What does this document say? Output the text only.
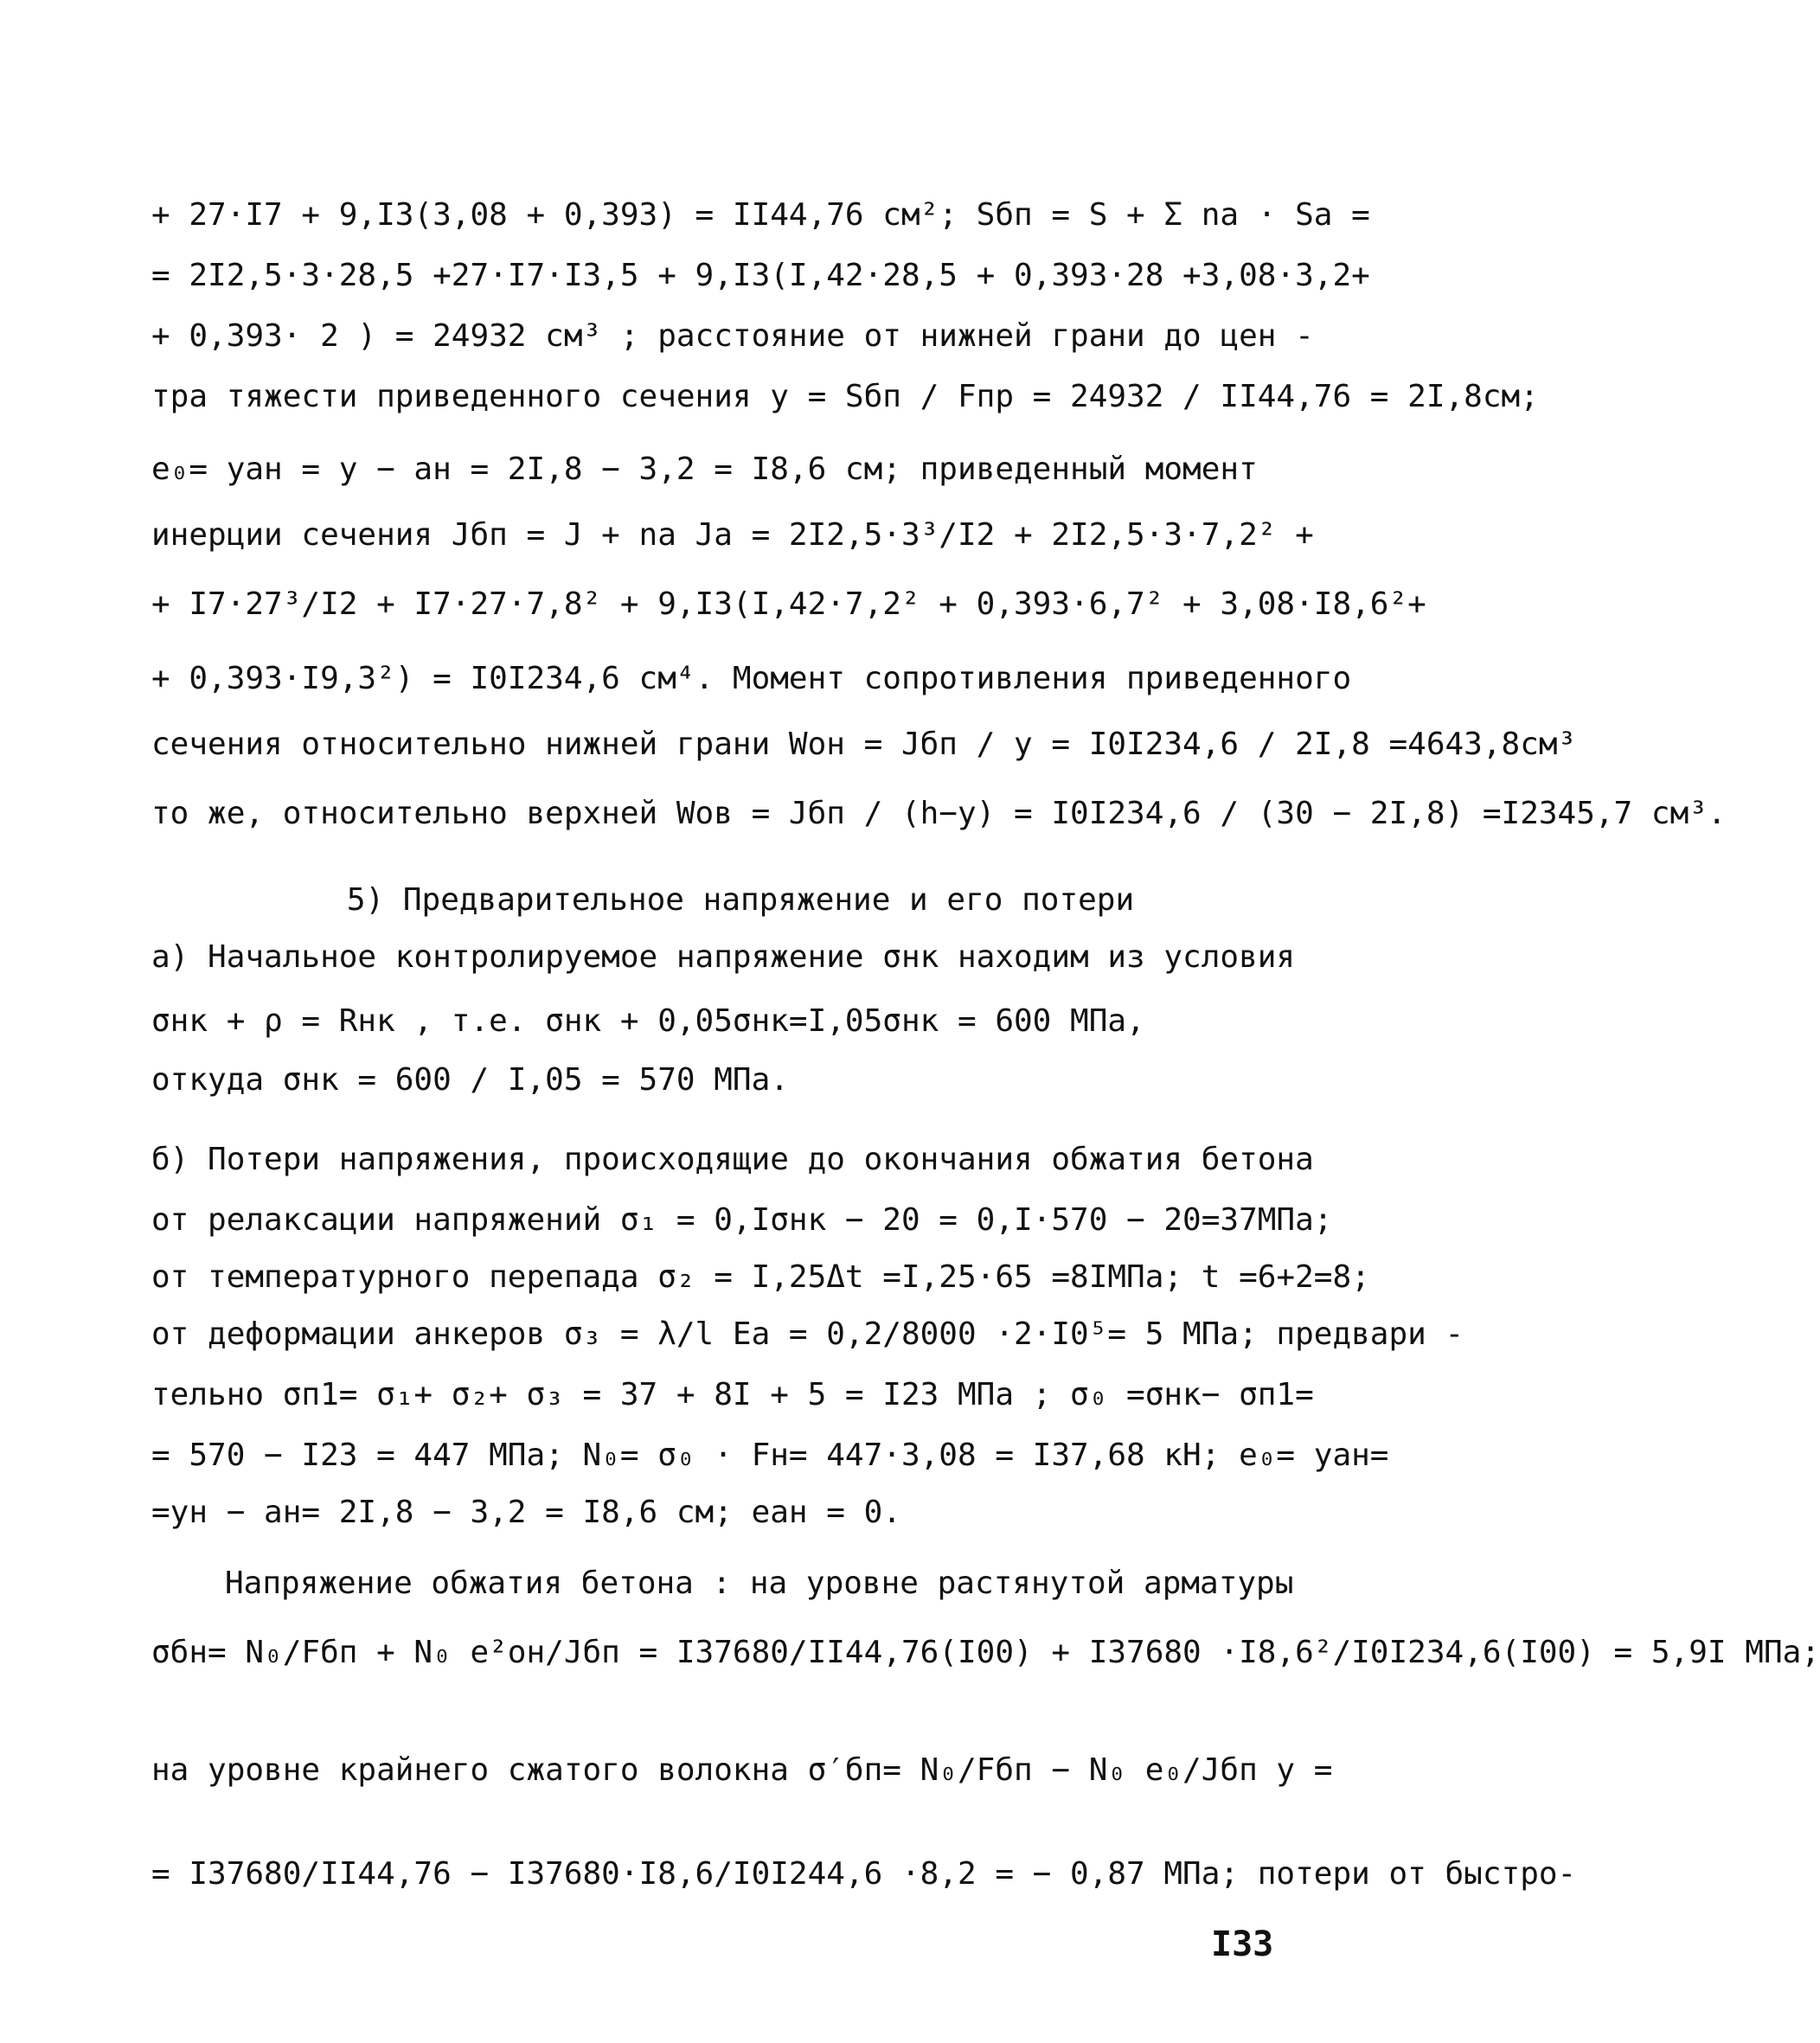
+ 27·I7 + 9,I3(3,08 + 0,393) = II44,76 см²; Sбп = S + Σ nа · Sа =
= 2I2,5·3·28,5 +27·I7·I3,5 + 9,I3(I,42·28,5 + 0,393·28 +3,08·3,2+
+ 0,393· 2 ) = 24932 см³ ; расстояние от нижней грани до цен -
тра тяжести приведенного сечения y = Sбп / Fпр = 24932 / II44,76 = 2I,8см;
e₀= yан = y − aн = 2I,8 − 3,2 = I8,6 см; приведенный момент
инерции сечения Jбп = J + nа Jа = 2I2,5·3³/I2 + 2I2,5·3·7,2² +
+ I7·27³/I2 + I7·27·7,8² + 9,I3(I,42·7,2² + 0,393·6,7² + 3,08·I8,6²+
+ 0,393·I9,3²) = I0I234,6 см⁴. Момент сопротивления приведенного
сечения относительно нижней грани Wон = Jбп / y = I0I234,6 / 2I,8 =4643,8см³
то же, относительно верхней Wов = Jбп / (h−y) = I0I234,6 / (30 − 2I,8) =I2345,7 см³.
5) Предварительное напряжение и его потери
а) Начальное контролируемое напряжение σнк находим из условия
σнк + ρ = Rнк , т.е. σнк + 0,05σнк=I,05σнк = 600 МПа,
откуда σнк = 600 / I,05 = 570 МПа.
б) Потери напряжения, происходящие до окончания обжатия бетона
от релаксации напряжений σ₁ = 0,Iσнк − 20 = 0,I·570 − 20=37МПа;
от температурного перепада σ₂ = I,25Δt =I,25·65 =8IМПа; t =6+2=8;
от деформации анкеров σ₃ = λ/l Eа = 0,2/8000 ·2·I0⁵= 5 МПа; предвари -
тельно σп1= σ₁+ σ₂+ σ₃ = 37 + 8I + 5 = I23 МПа ; σ₀ =σнк− σп1=
= 570 − I23 = 447 МПа; N₀= σ₀ · Fн= 447·3,08 = I37,68 кН; e₀= yан=
=yн − aн= 2I,8 − 3,2 = I8,6 см; eан = 0.
Напряжение обжатия бетона : на уровне растянутой арматуры
σбн= N₀/Fбп + N₀ e²он/Jбп = I37680/II44,76(I00) + I37680 ·I8,6²/I0I234,6(I00) = 5,9I МПа;
на уровне крайнего сжатого волокна σ′бп= N₀/Fбп − N₀ e₀/Jбп y =
= I37680/II44,76 − I37680·I8,6/I0I244,6 ·8,2 = − 0,87 МПа; потери от быстро-
I33
